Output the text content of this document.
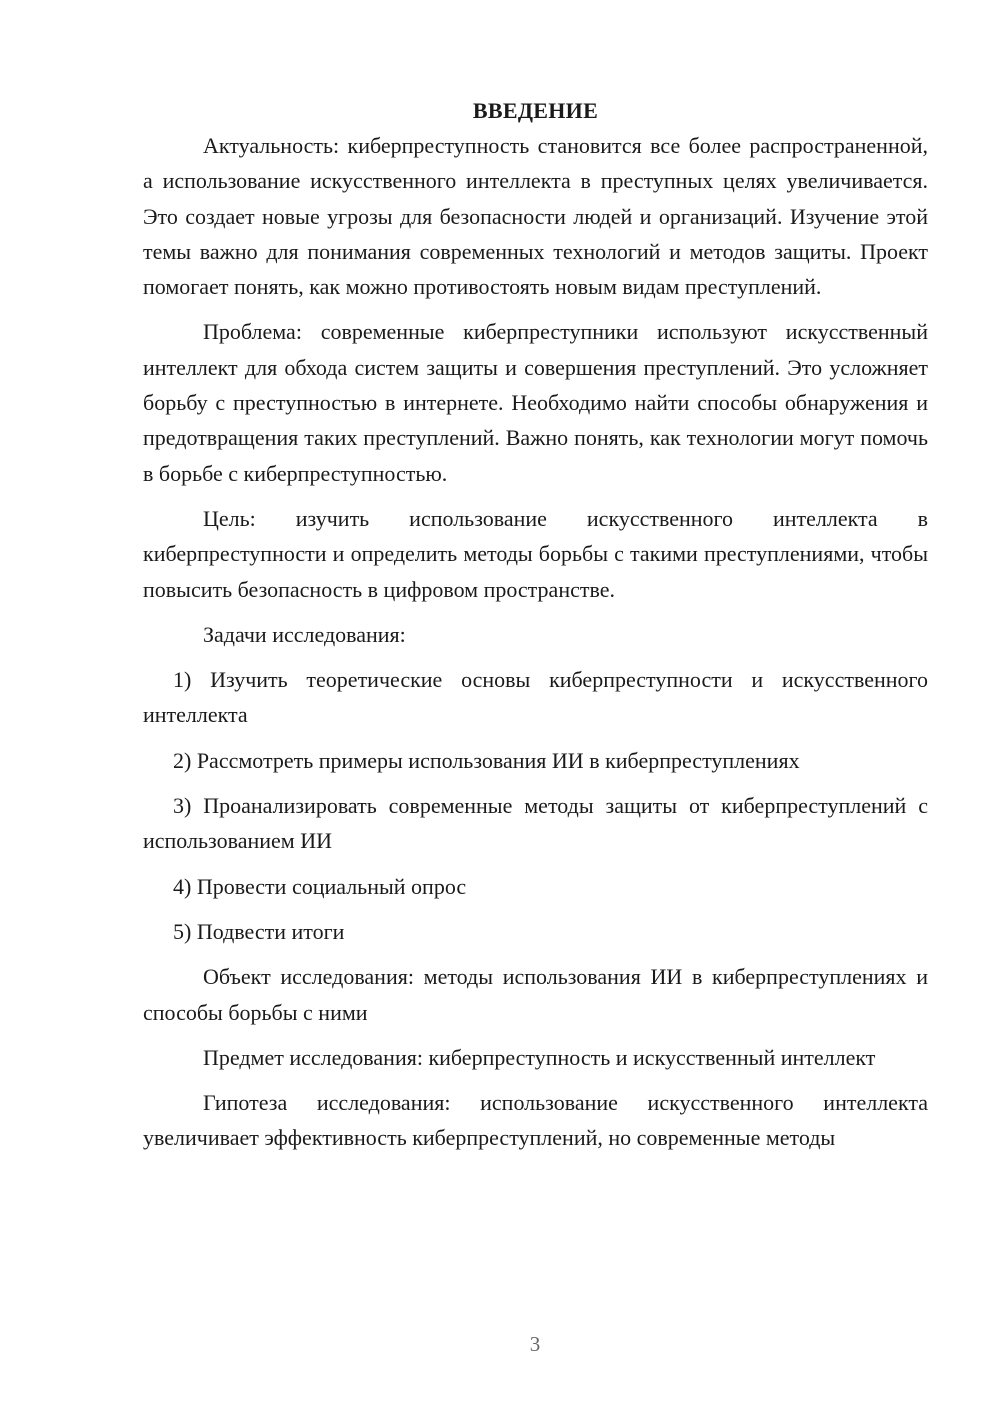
ВВЕДЕНИЕ

Актуальность: киберпреступность становится все более распространенной, а использование искусственного интеллекта в преступных целях увеличивается. Это создает новые угрозы для безопасности людей и организаций. Изучение этой темы важно для понимания современных технологий и методов защиты. Проект помогает понять, как можно противостоять новым видам преступлений.

Проблема: современные киберпреступники используют искусственный интеллект для обхода систем защиты и совершения преступлений. Это усложняет борьбу с преступностью в интернете. Необходимо найти способы обнаружения и предотвращения таких преступлений. Важно понять, как технологии могут помочь в борьбе с киберпреступностью.

Цель: изучить использование искусственного интеллекта в киберпреступности и определить методы борьбы с такими преступлениями, чтобы повысить безопасность в цифровом пространстве.

Задачи исследования:

1) Изучить теоретические основы киберпреступности и искусственного интеллекта

2) Рассмотреть примеры использования ИИ в киберпреступлениях

3) Проанализировать современные методы защиты от киберпреступлений с использованием ИИ

4) Провести социальный опрос

5) Подвести итоги

Объект исследования: методы использования ИИ в киберпреступлениях и способы борьбы с ними

Предмет исследования: киберпреступность и искусственный интеллект

Гипотеза исследования: использование искусственного интеллекта увеличивает эффективность киберпреступлений, но современные методы

3
